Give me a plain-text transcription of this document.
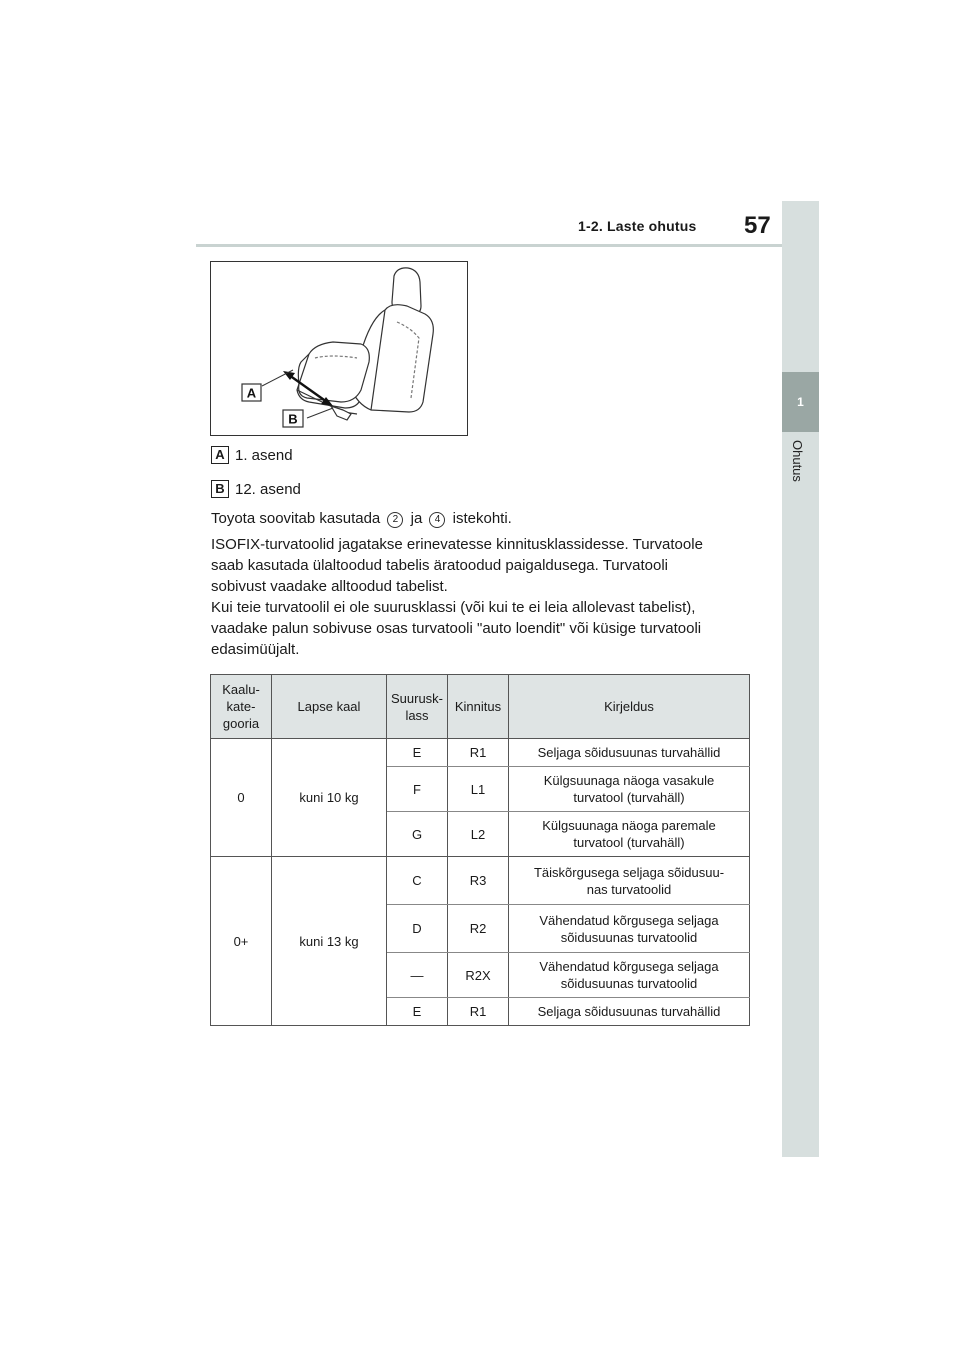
1-2. Laste ohutus 57
1
Ohutus
A
B
A 1. asend
B 12. asend

Toyota soovitab kasutada 2 ja 4 istekohti.

ISOFIX-turvatoolid jagatakse erinevatesse kinnitusklassidesse. Turvatoole
saab kasutada ülaltoodud tabelis äratoodud paigaldusega. Turvatooli
sobivust vaadake alltoodud tabelist.
Kui teie turvatoolil ei ole suurusklassi (või kui te ei leia allolevast tabelist),
vaadake palun sobivuse osas turvatooli "auto loendit" või küsige turvatooli
edasimüüjalt.
Kaalu-
kate-
gooria	Lapse kaal	Suurusk-
lass	Kinnitus	Kirjeldus
0	kuni 10 kg	E	R1	Seljaga sõidusuunas turvahällid
		F	L1	Külgsuunaga näoga vasakule
turvatool (turvahäll)
		G	L2	Külgsuunaga näoga paremale
turvatool (turvahäll)
0+	kuni 13 kg	C	R3	Täiskõrgusega seljaga sõidusuu-
nas turvatoolid
		D	R2	Vähendatud kõrgusega seljaga
sõidusuunas turvatoolid
		—	R2X	Vähendatud kõrgusega seljaga
sõidusuunas turvatoolid
		E	R1	Seljaga sõidusuunas turvahällid
